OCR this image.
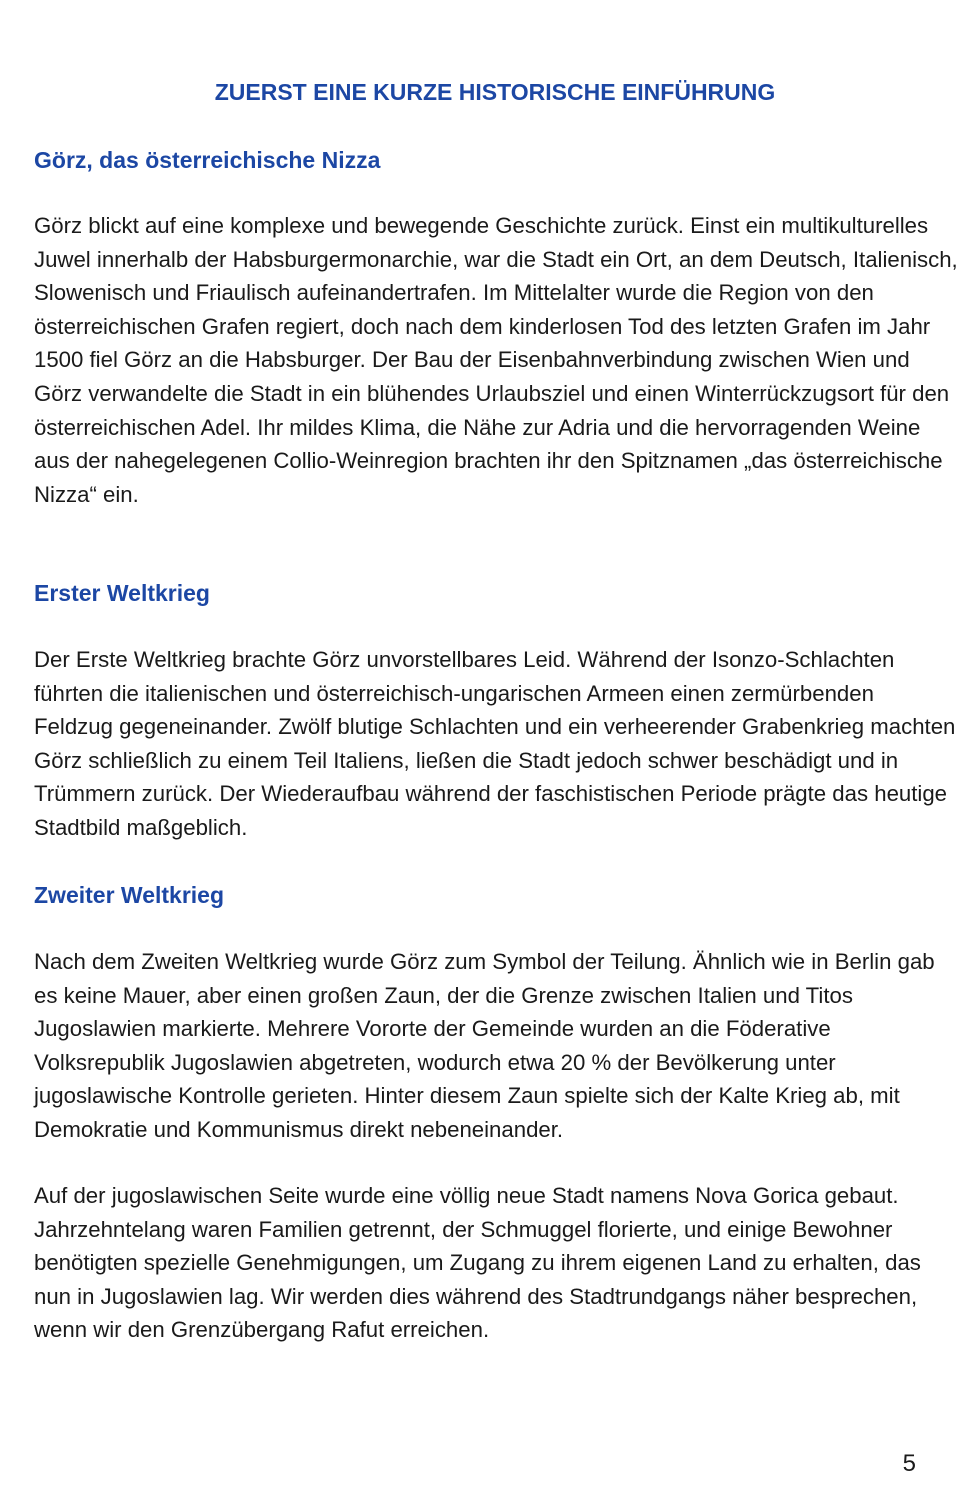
ZUERST EINE KURZE HISTORISCHE EINFÜHRUNG
Görz, das österreichische Nizza

Görz blickt auf eine komplexe und bewegende Geschichte zurück. Einst ein multikulturelles Juwel innerhalb der Habsburgermonarchie, war die Stadt ein Ort, an dem Deutsch, Italienisch, Slowenisch und Friaulisch aufeinandertrafen. Im Mittelalter wurde die Region von den österreichischen Grafen regiert, doch nach dem kinderlosen Tod des letzten Grafen im Jahr 1500 fiel Görz an die Habsburger. Der Bau der Eisenbahnverbindung zwischen Wien und Görz verwandelte die Stadt in ein blühendes Urlaubsziel und einen Winterrückzugsort für den österreichischen Adel. Ihr mildes Klima, die Nähe zur Adria und die hervorragenden Weine aus der nahegelegenen Collio-Weinregion brachten ihr den Spitznamen „das österreichische Nizza“ ein.

Erster Weltkrieg

Der Erste Weltkrieg brachte Görz unvorstellbares Leid. Während der Isonzo-Schlachten führten die italienischen und österreichisch-ungarischen Armeen einen zermürbenden Feldzug gegeneinander. Zwölf blutige Schlachten und ein verheerender Grabenkrieg machten Görz schließlich zu einem Teil Italiens, ließen die Stadt jedoch schwer beschädigt und in Trümmern zurück. Der Wiederaufbau während der faschistischen Periode prägte das heutige Stadtbild maßgeblich.

Zweiter Weltkrieg

Nach dem Zweiten Weltkrieg wurde Görz zum Symbol der Teilung. Ähnlich wie in Berlin gab es keine Mauer, aber einen großen Zaun, der die Grenze zwischen Italien und Titos Jugoslawien markierte. Mehrere Vororte der Gemeinde wurden an die Föderative Volksrepublik Jugoslawien abgetreten, wodurch etwa 20 % der Bevölkerung unter jugoslawische Kontrolle gerieten. Hinter diesem Zaun spielte sich der Kalte Krieg ab, mit Demokratie und Kommunismus direkt nebeneinander.

Auf der jugoslawischen Seite wurde eine völlig neue Stadt namens Nova Gorica gebaut. Jahrzehntelang waren Familien getrennt, der Schmuggel florierte, und einige Bewohner benötigten spezielle Genehmigungen, um Zugang zu ihrem eigenen Land zu erhalten, das nun in Jugoslawien lag. Wir werden dies während des Stadtrundgangs näher besprechen, wenn wir den Grenzübergang Rafut erreichen.

5
